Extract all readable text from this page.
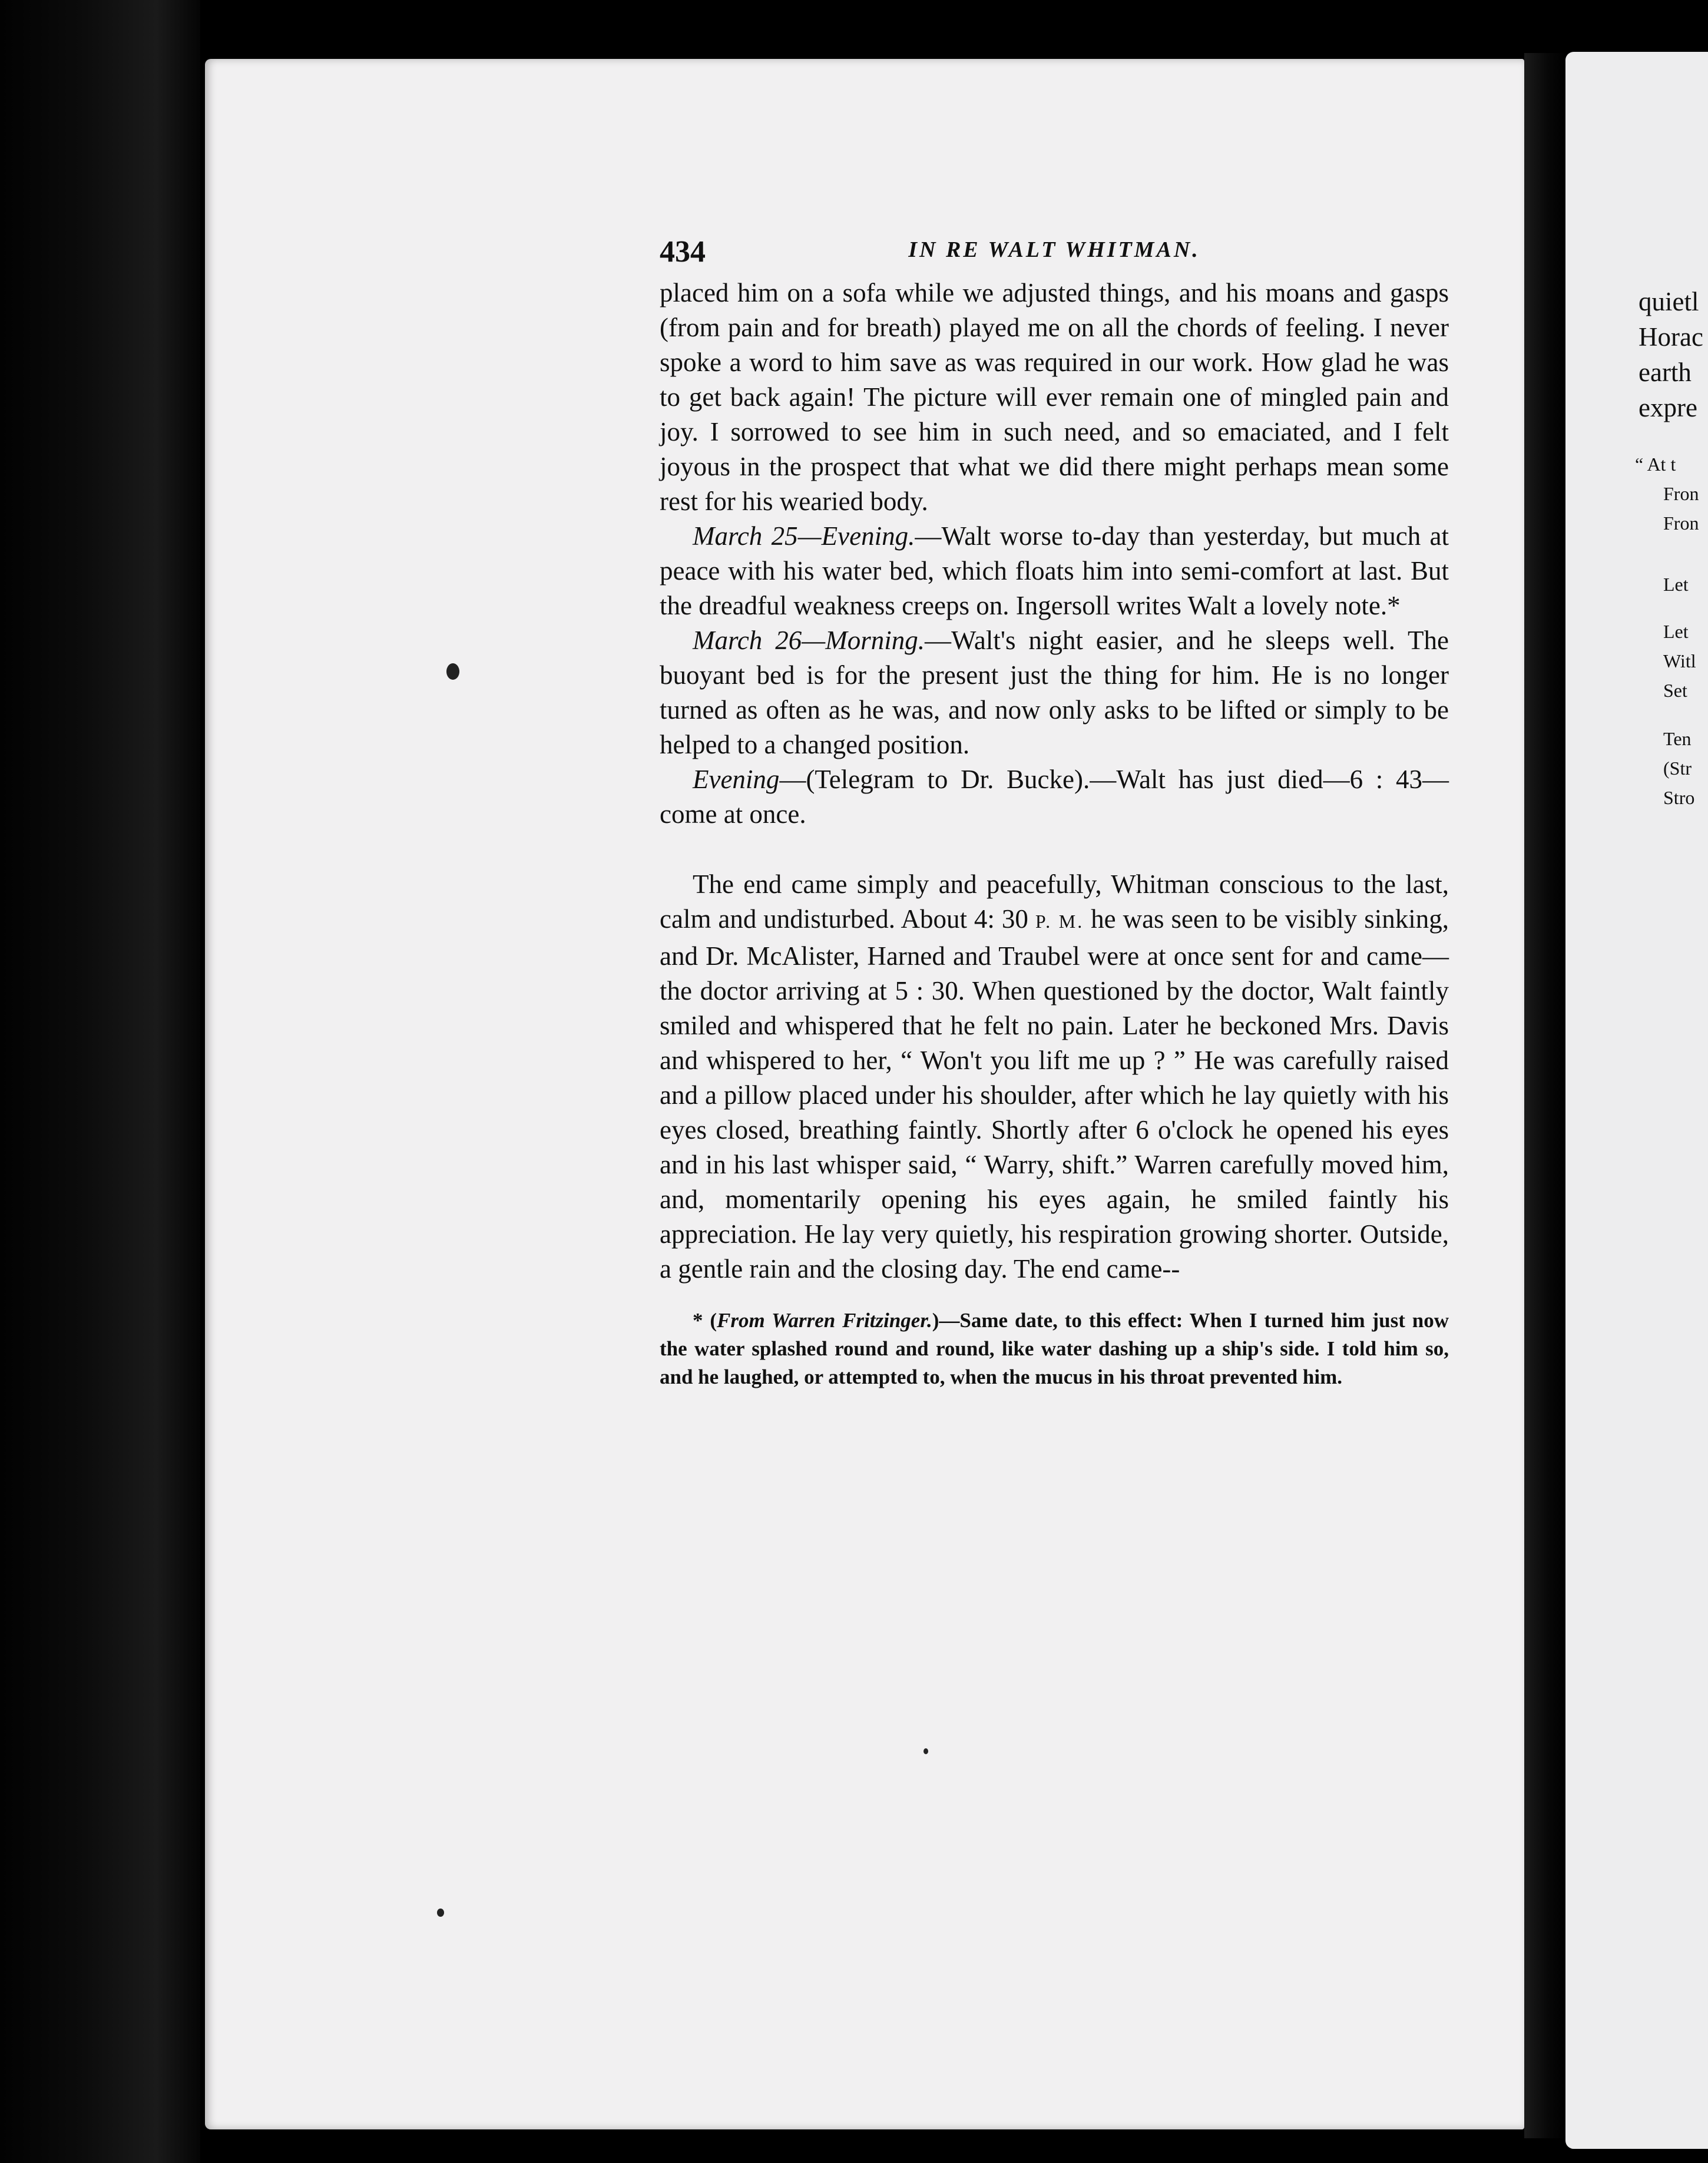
quietl
Horac
earth
expre
“ At t
Fron
Fron
Let
Let
Witl
Set
Ten
(Str
Stro
434	IN RE WALT WHITMAN.

placed him on a sofa while we adjusted things, and his moans and gasps (from pain and for breath) played me on all the chords of feeling. I never spoke a word to him save as was required in our work. How glad he was to get back again! The picture will ever remain one of mingled pain and joy. I sorrowed to see him in such need, and so emaciated, and I felt joyous in the prospect that what we did there might perhaps mean some rest for his wearied body.

March 25—Evening.—Walt worse to-day than yesterday, but much at peace with his water bed, which floats him into semi-comfort at last. But the dreadful weakness creeps on. Ingersoll writes Walt a lovely note.*

March 26—Morning.—Walt's night easier, and he sleeps well. The buoyant bed is for the present just the thing for him. He is no longer turned as often as he was, and now only asks to be lifted or simply to be helped to a changed position.

Evening—(Telegram to Dr. Bucke).—Walt has just died—6 : 43—come at once.

The end came simply and peacefully, Whitman conscious to the last, calm and undisturbed. About 4: 30 P. M. he was seen to be visibly sinking, and Dr. McAlister, Harned and Traubel were at once sent for and came—the doctor arriving at 5 : 30. When questioned by the doctor, Walt faintly smiled and whispered that he felt no pain. Later he beckoned Mrs. Davis and whispered to her, “ Won't you lift me up ? ” He was carefully raised and a pillow placed under his shoulder, after which he lay quietly with his eyes closed, breathing faintly. Shortly after 6 o'clock he opened his eyes and in his last whisper said, “ Warry, shift.” Warren carefully moved him, and, momentarily opening his eyes again, he smiled faintly his appreciation. He lay very quietly, his respiration growing shorter. Outside, a gentle rain and the closing day. The end came--

* (From Warren Fritzinger.)—Same date, to this effect: When I turned him just now the water splashed round and round, like water dashing up a ship's side. I told him so, and he laughed, or attempted to, when the mucus in his throat prevented him.
